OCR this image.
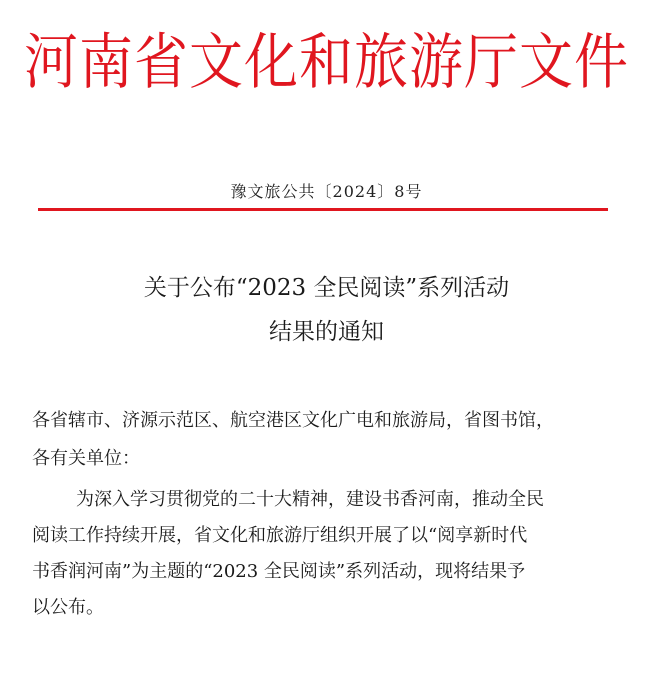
河南省文化和旅游厅文件
豫文旅公共〔2024〕8号
关于公布“2023 全民阅读”系列活动
结果的通知
各省辖市、济源示范区、航空港区文化广电和旅游局，省图书馆，
各有关单位：
为深入学习贯彻党的二十大精神，建设书香河南，推动全民
阅读工作持续开展，省文化和旅游厅组织开展了以“阅享新时代
书香润河南”为主题的“2023 全民阅读”系列活动，现将结果予
以公布。
